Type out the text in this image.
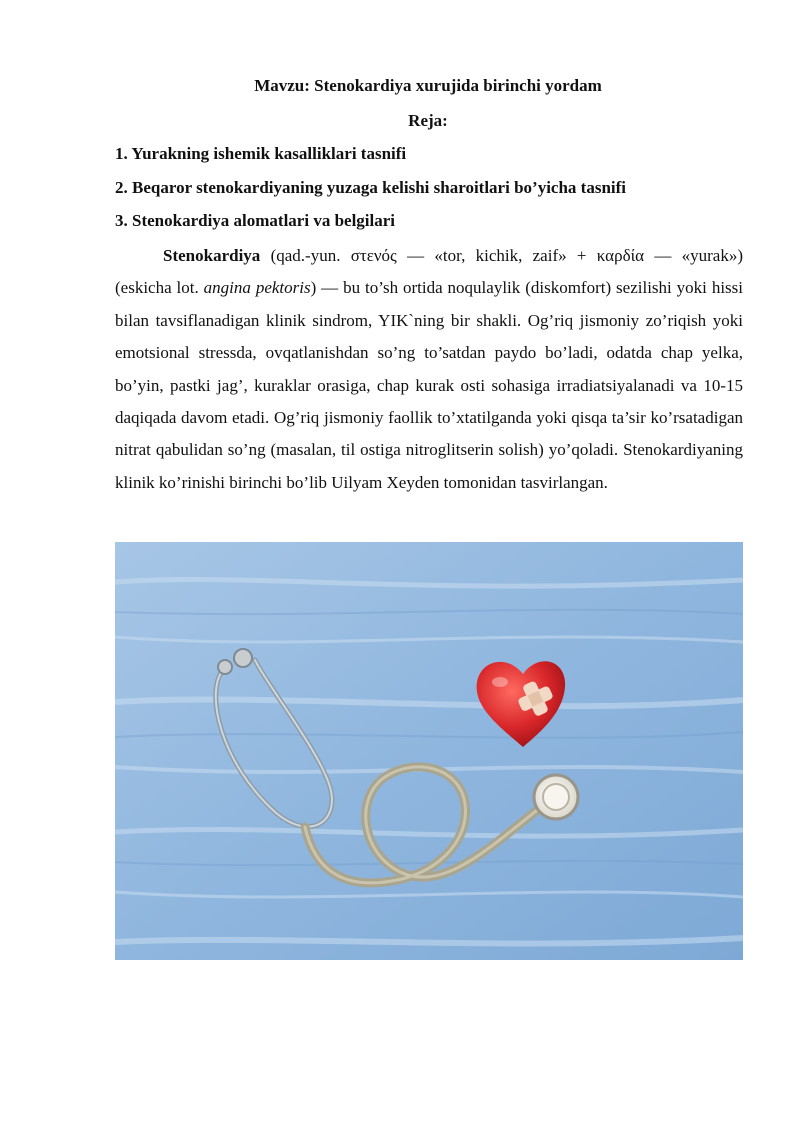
Mavzu: Stenokardiya xurujida birinchi yordam
Reja:

1. Yurakning ishemik kasalliklari tasnifi

2. Beqaror stenokardiyaning yuzaga kelishi sharoitlari bo’yicha tasnifi

3. Stenokardiya alomatlari va belgilari

Stenokardiya (qad.-yun. στενός — «tor, kichik, zaif» + καρδία — «yurak») (eskicha lot. angina pektoris) — bu to’sh ortida noqulaylik (diskomfort) sezilishi yoki hissi bilan tavsiflanadigan klinik sindrom, YIK`ning bir shakli. Og’riq jismoniy zo’riqish yoki emotsional stressda, ovqatlanishdan so’ng to’satdan paydo bo’ladi, odatda chap yelka, bo’yin, pastki jag’, kuraklar orasiga, chap kurak osti sohasiga irradiatsiyalanadi va 10-15 daqiqada davom etadi. Og’riq jismoniy faollik to’xtatilganda yoki qisqa ta’sir ko’rsatadigan nitrat qabulidan so’ng (masalan, til ostiga nitroglitserin solish) yo’qoladi. Stenokardiyaning klinik ko’rinishi birinchi bo’lib Uilyam Xeyden tomonidan tasvirlangan.
